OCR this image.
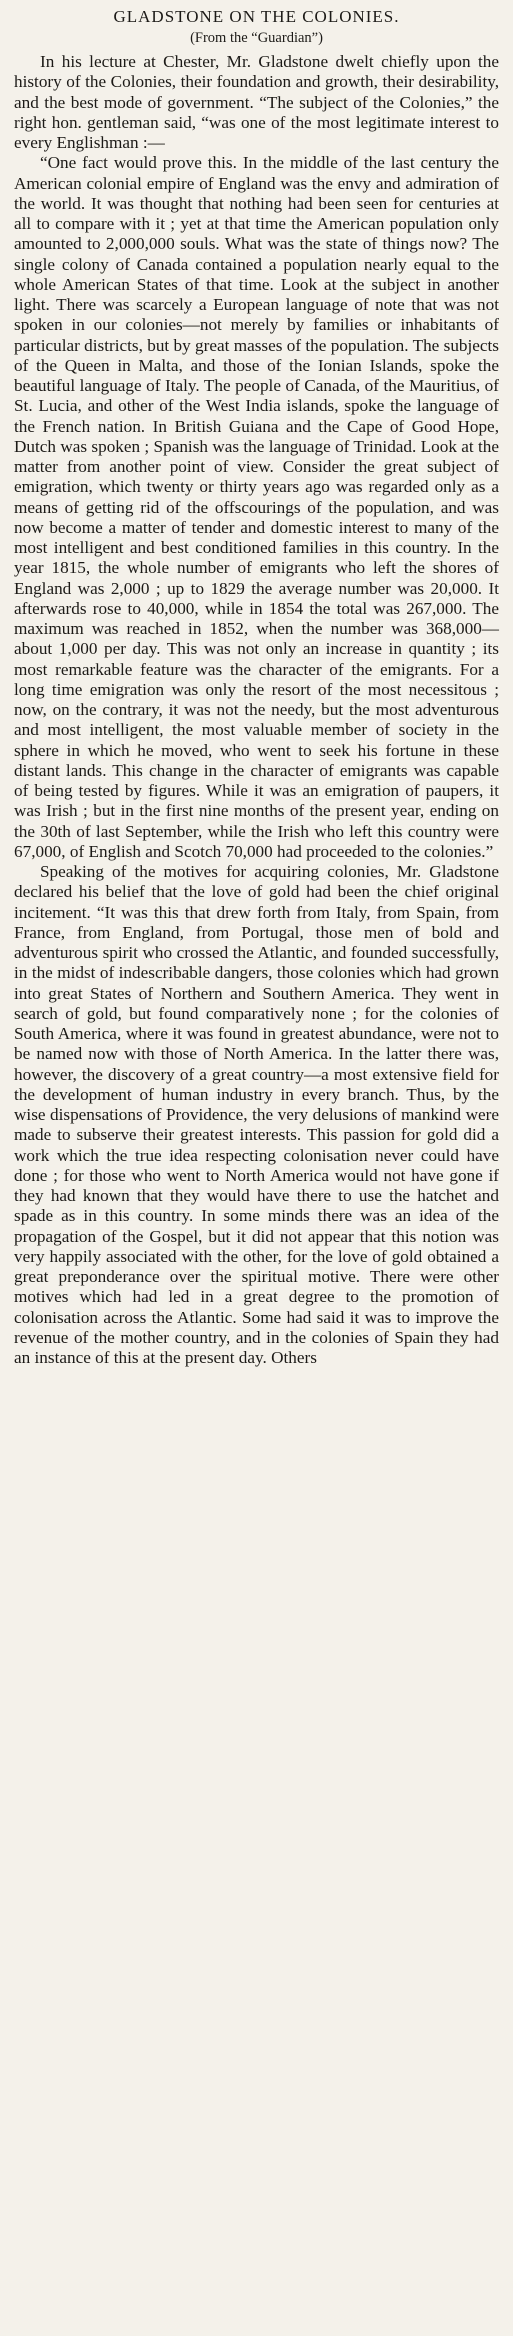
GLADSTONE ON THE COLONIES.
(From the “Guardian”)

In his lecture at Chester, Mr. Gladstone dwelt chiefly upon the history of the Colonies, their foundation and growth, their desirability, and the best mode of government. “The subject of the Colonies,” the right hon. gentleman said, “was one of the most legitimate interest to every Englishman :—

“One fact would prove this. In the middle of the last century the American colonial empire of England was the envy and admiration of the world. It was thought that nothing had been seen for centuries at all to compare with it ; yet at that time the American population only amounted to 2,000,000 souls. What was the state of things now? The single colony of Canada contained a population nearly equal to the whole American States of that time. Look at the subject in another light. There was scarcely a European language of note that was not spoken in our colonies—not merely by families or inhabitants of particular districts, but by great masses of the population. The subjects of the Queen in Malta, and those of the Ionian Islands, spoke the beautiful language of Italy. The people of Canada, of the Mauritius, of St. Lucia, and other of the West India islands, spoke the language of the French nation. In British Guiana and the Cape of Good Hope, Dutch was spoken ; Spanish was the language of Trinidad. Look at the matter from another point of view. Consider the great subject of emigration, which twenty or thirty years ago was regarded only as a means of getting rid of the offscourings of the population, and was now become a matter of tender and domestic interest to many of the most intelligent and best conditioned families in this country. In the year 1815, the whole number of emigrants who left the shores of England was 2,000 ; up to 1829 the average number was 20,000. It afterwards rose to 40,000, while in 1854 the total was 267,000. The maximum was reached in 1852, when the number was 368,000—about 1,000 per day. This was not only an increase in quantity ; its most remarkable feature was the character of the emigrants. For a long time emigration was only the resort of the most necessitous ; now, on the contrary, it was not the needy, but the most adventurous and most intelligent, the most valuable member of society in the sphere in which he moved, who went to seek his fortune in these distant lands. This change in the character of emigrants was capable of being tested by figures. While it was an emigration of paupers, it was Irish ; but in the first nine months of the present year, ending on the 30th of last September, while the Irish who left this country were 67,000, of English and Scotch 70,000 had proceeded to the colonies.”

Speaking of the motives for acquiring colonies, Mr. Gladstone declared his belief that the love of gold had been the chief original incitement. “It was this that drew forth from Italy, from Spain, from France, from England, from Portugal, those men of bold and adventurous spirit who crossed the Atlantic, and founded successfully, in the midst of indescribable dangers, those colonies which had grown into great States of Northern and Southern America. They went in search of gold, but found comparatively none ; for the colonies of South America, where it was found in greatest abundance, were not to be named now with those of North America. In the latter there was, however, the discovery of a great country—a most extensive field for the development of human industry in every branch. Thus, by the wise dispensations of Providence, the very delusions of mankind were made to subserve their greatest interests. This passion for gold did a work which the true idea respecting colonisation never could have done ; for those who went to North America would not have gone if they had known that they would have there to use the hatchet and spade as in this country. In some minds there was an idea of the propagation of the Gospel, but it did not appear that this notion was very happily associated with the other, for the love of gold obtained a great preponderance over the spiritual motive. There were other motives which had led in a great degree to the promotion of colonisation across the Atlantic. Some had said it was to improve the revenue of the mother country, and in the colonies of Spain they had an instance of this at the present day. Others
